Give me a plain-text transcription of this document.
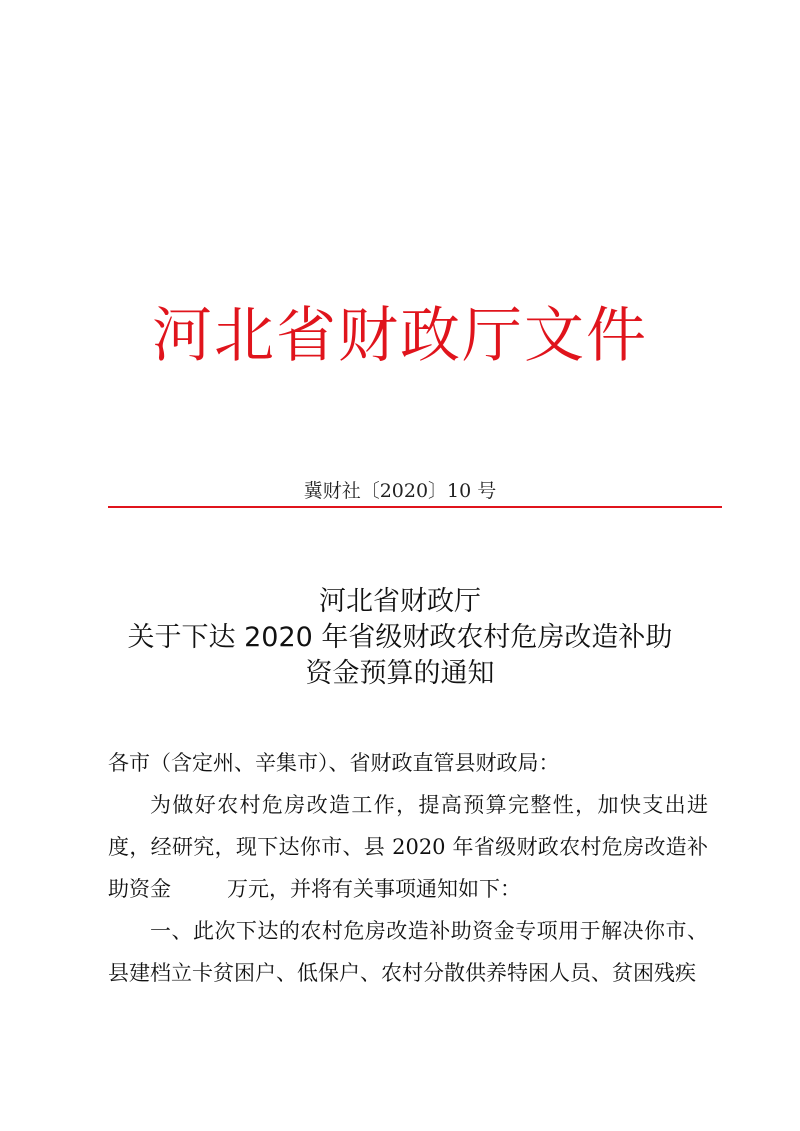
河北省财政厅文件
冀财社〔2020〕10 号
河北省财政厅
关于下达 2020 年省级财政农村危房改造补助
资金预算的通知

各市（含定州、辛集市）、省财政直管县财政局：

为做好农村危房改造工作，提高预算完整性，加快支出进度，经研究，现下达你市、县 2020 年省级财政农村危房改造补助资金	万元，并将有关事项通知如下：

一、此次下达的农村危房改造补助资金专项用于解决你市、县建档立卡贫困户、低保户、农村分散供养特困人员、贫困残疾
